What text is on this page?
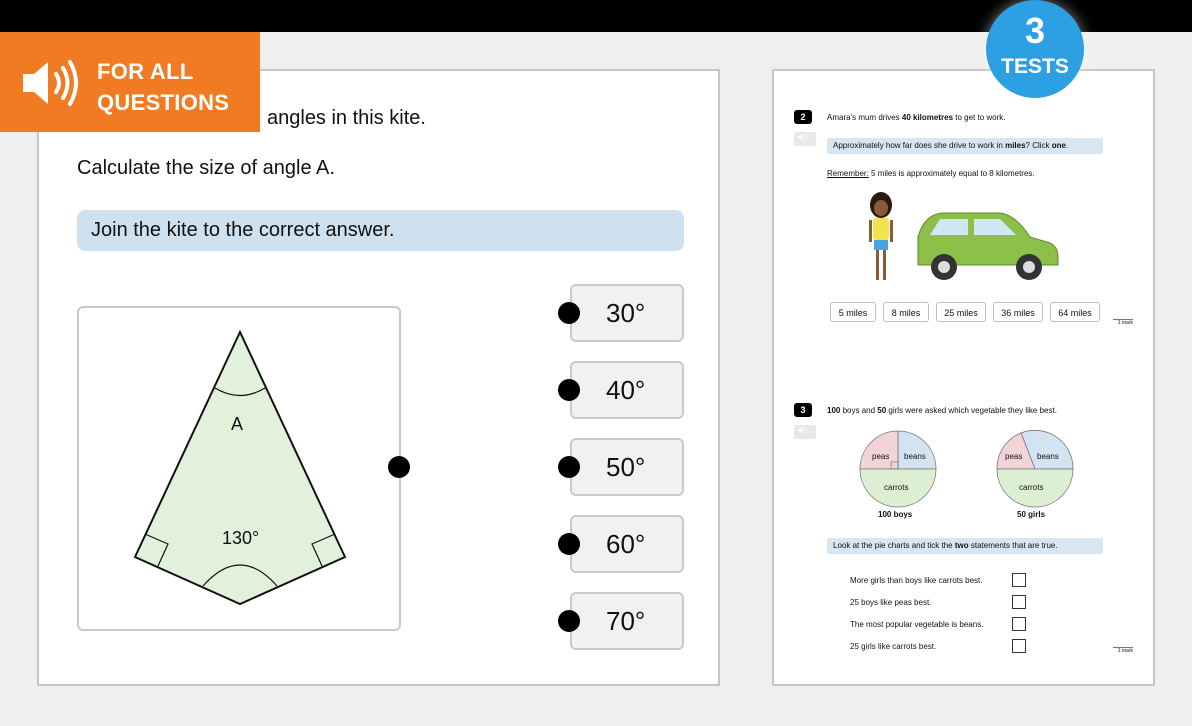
FOR ALL
QUESTIONS
3
TESTS
angles in this kite.
Calculate the size of angle A.
Join the kite to the correct answer.
A
130°
30°
40°
50°
60°
70°
2
◀))	Amara's mum drives 40 kilometres to get to work.
Approximately how far does she drive to work in miles? Click one.
Remember: 5 miles is approximately equal to 8 kilometres.
5 miles	8 miles	25 miles	36 miles	64 miles
1 mark
3
◀))	100 boys and 50 girls were asked which vegetable they like best.
peas beans
carrots
100 boys
peas beans
carrots
50 girls
Look at the pie charts and tick the two statements that are true.
More girls than boys like carrots best.
25 boys like peas best.
The most popular vegetable is beans.
25 girls like carrots best.	1 mark
